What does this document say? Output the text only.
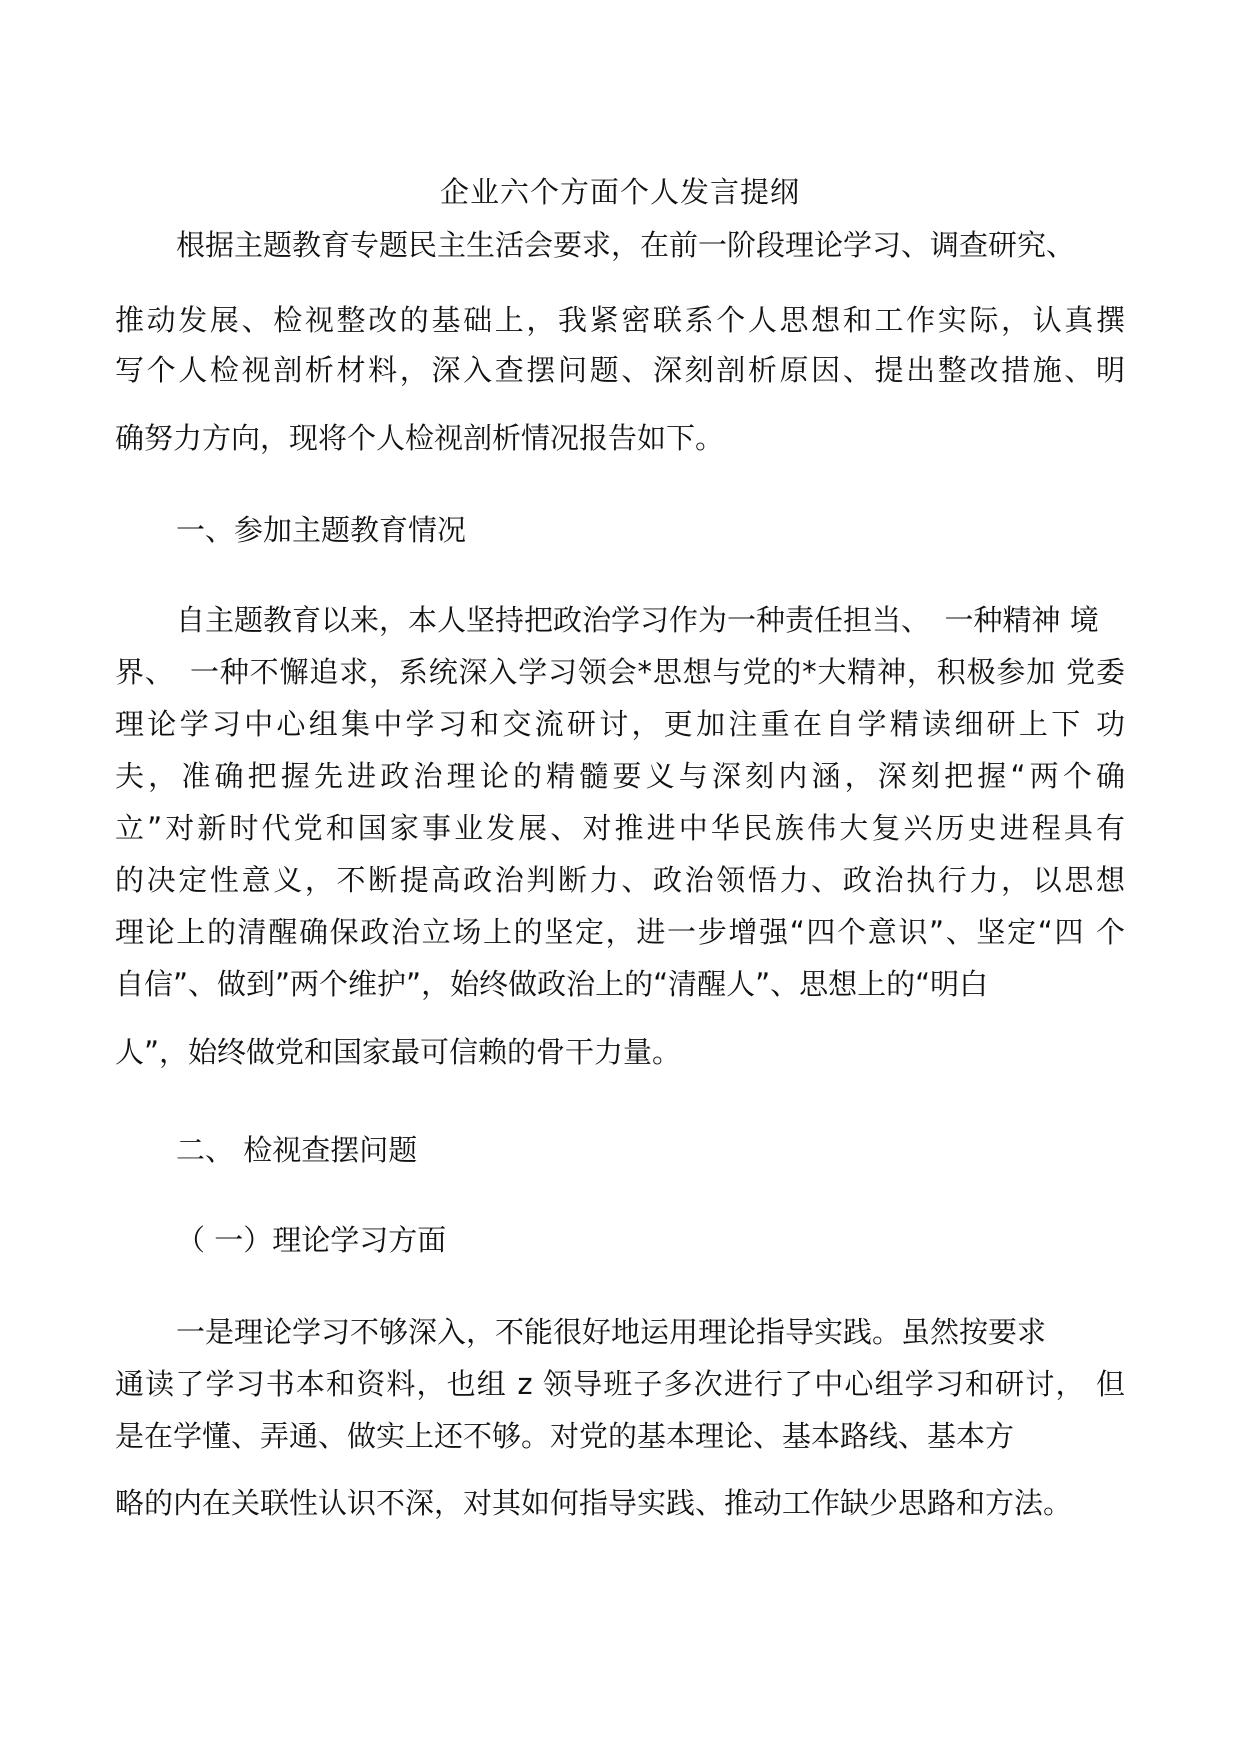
企业六个方面个人发言提纲
根据主题教育专题民主生活会要求，在前一阶段理论学习、调查研究、
推动发展、检视整改的基础上，我紧密联系个人思想和工作实际，认真撰
写个人检视剖析材料，深入查摆问题、深刻剖析原因、提出整改措施、明
确努力方向，现将个人检视剖析情况报告如下。
一、参加主题教育情况
自主题教育以来，本人坚持把政治学习作为一种责任担当、　一种精神 境
界、　一种不懈追求，系统深入学习领会*思想与党的*大精神，积极参加 党委
理论学习中心组集中学习和交流研讨，更加注重在自学精读细研上下 功
夫，准确把握先进政治理论的精髓要义与深刻内涵，深刻把握“两个确
立”对新时代党和国家事业发展、对推进中华民族伟大复兴历史进程具有
的决定性意义，不断提高政治判断力、政治领悟力、政治执行力，以思想
理论上的清醒确保政治立场上的坚定，进一步增强“四个意识”、坚定“四 个
自信”、做到”两个维护”，始终做政治上的“清醒人”、思想上的“明白
人”，始终做党和国家最可信赖的骨干力量。
二、 检视查摆问题
（ 一）理论学习方面
一是理论学习不够深入，不能很好地运用理论指导实践。虽然按要求
通读了学习书本和资料，也组 z 领导班子多次进行了中心组学习和研讨， 但
是在学懂、弄通、做实上还不够。对党的基本理论、基本路线、基本方
略的内在关联性认识不深，对其如何指导实践、推动工作缺少思路和方法。
